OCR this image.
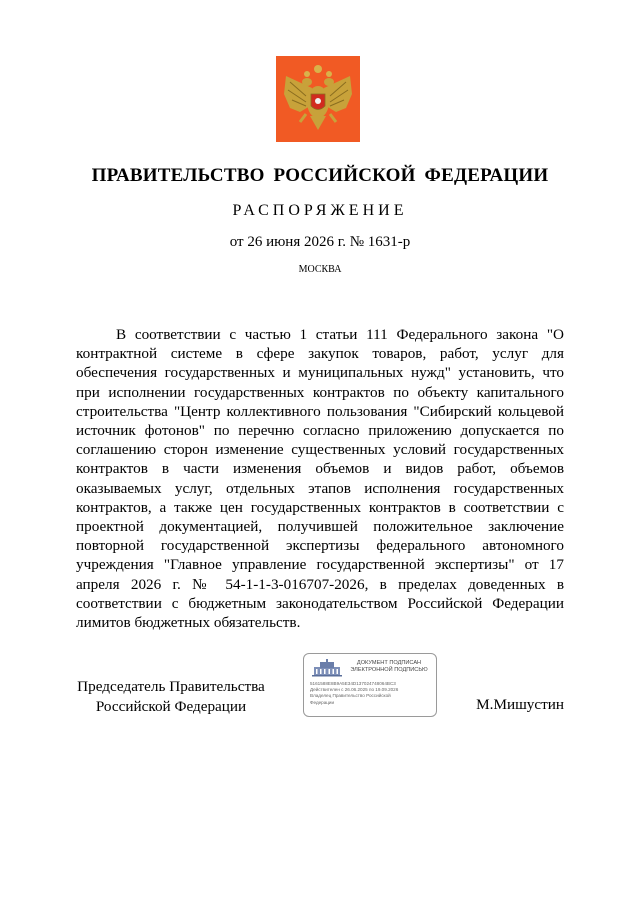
ПРАВИТЕЛЬСТВО РОССИЙСКОЙ ФЕДЕРАЦИИ
РАСПОРЯЖЕНИЕ
от 26 июня 2026 г. № 1631-р
МОСКВА

В соответствии с частью 1 статьи 111 Федерального закона "О контрактной системе в сфере закупок товаров, работ, услуг для обеспечения государственных и муниципальных нужд" установить, что при исполнении государственных контрактов по объекту капитального строительства "Центр коллективного пользования "Сибирский кольцевой источник фотонов" по перечню согласно приложению допускается по соглашению сторон изменение существенных условий государственных контрактов в части изменения объемов и видов работ, объемов оказываемых услуг, отдельных этапов исполнения государственных контрактов, а также цен государственных контрактов в соответствии с проектной документацией, получившей положительное заключение повторной государственной экспертизы федерального автономного учреждения "Главное управление государственной экспертизы" от 17 апреля 2026 г. № 54-1-1-3-016707-2026, в пределах доведенных в соответствии с бюджетным законодательством Российской Федерации лимитов бюджетных обязательств.

Председатель Правительства
Российской Федерации
ДОКУМЕНТ ПОДПИСАН
ЭЛЕКТРОННОЙ ПОДПИСЬЮ
5161588E8B9A5E34D137024748064BC3
Действителен с 26.06.2025 по 19.09.2026
Владелец Правительство Российской
Федерации	М.Мишустин
